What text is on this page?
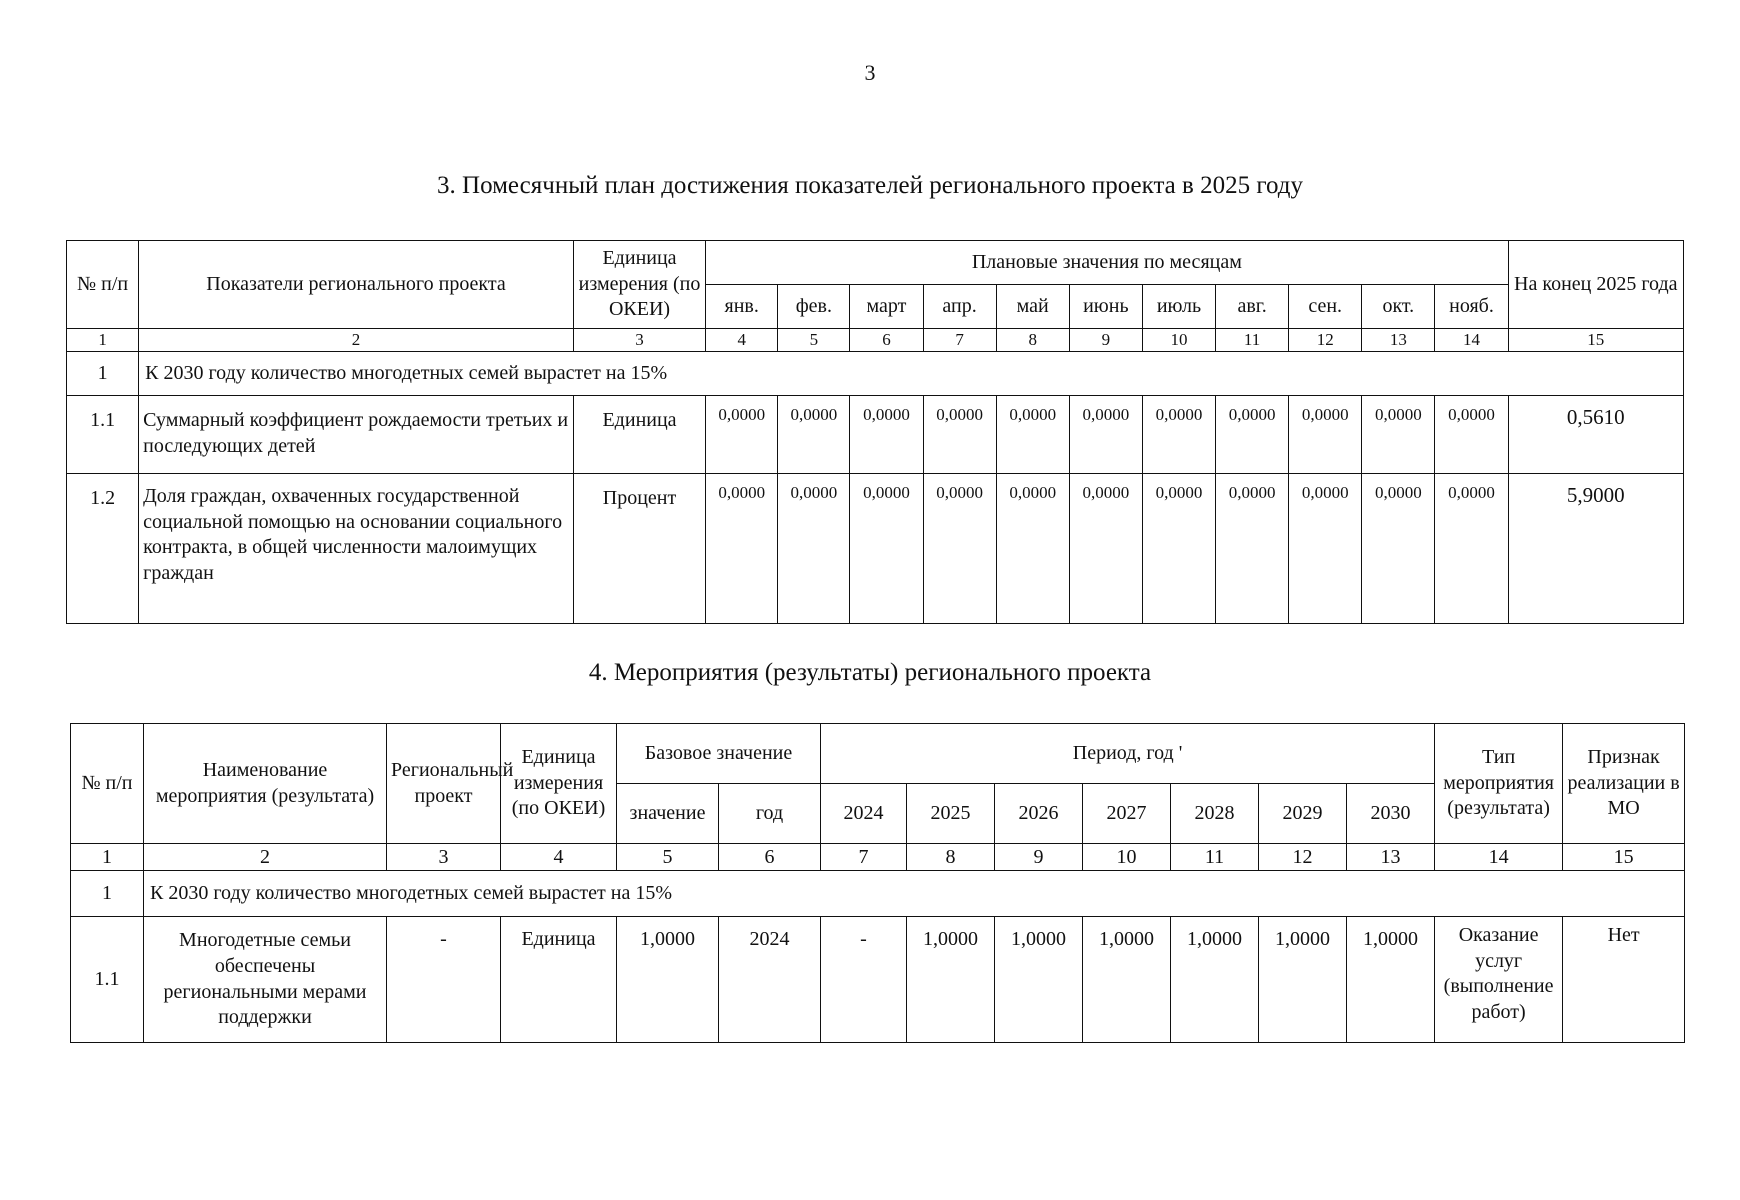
3
3. Помесячный план достижения показателей регионального проекта в 2025 году
№ п/п	Показатели регионального проекта	Единица измерения (по ОКЕИ)	Плановые значения по месяцам											На конец 2025 года
			янв.	фев.	март	апр.	май	июнь	июль	авг.	сен.	окт.	нояб.	
1	2	3	4	5	6	7	8	9	10	11	12	13	14	15
1	К 2030 году количество многодетных семей вырастет на 15%													
1.1	Суммарный коэффициент рождаемости третьих и последующих детей	Единица	0,0000	0,0000	0,0000	0,0000	0,0000	0,0000	0,0000	0,0000	0,0000	0,0000	0,0000	0,5610
1.2	Доля граждан, охваченных государственной социальной помощью на основании социального контракта, в общей численности малоимущих граждан	Процент	0,0000	0,0000	0,0000	0,0000	0,0000	0,0000	0,0000	0,0000	0,0000	0,0000	0,0000	5,9000
4. Мероприятия (результаты) регионального проекта
№ п/п	Наименование мероприятия (результата)	Региональный проект	Единица измерения (по ОКЕИ)	Базовое значение		Период, год '							Тип мероприятия (результата)	Признак реализации в МО
				значение	год	2024	2025	2026	2027	2028	2029	2030		
1	2	3	4	5	6	7	8	9	10	11	12	13	14	15
1	К 2030 году количество многодетных семей вырастет на 15%													
1.1	Многодетные семьи обеспечены региональными мерами поддержки	-	Единица	1,0000	2024	-	1,0000	1,0000	1,0000	1,0000	1,0000	1,0000	Оказание услуг (выполнение работ)	Нет
